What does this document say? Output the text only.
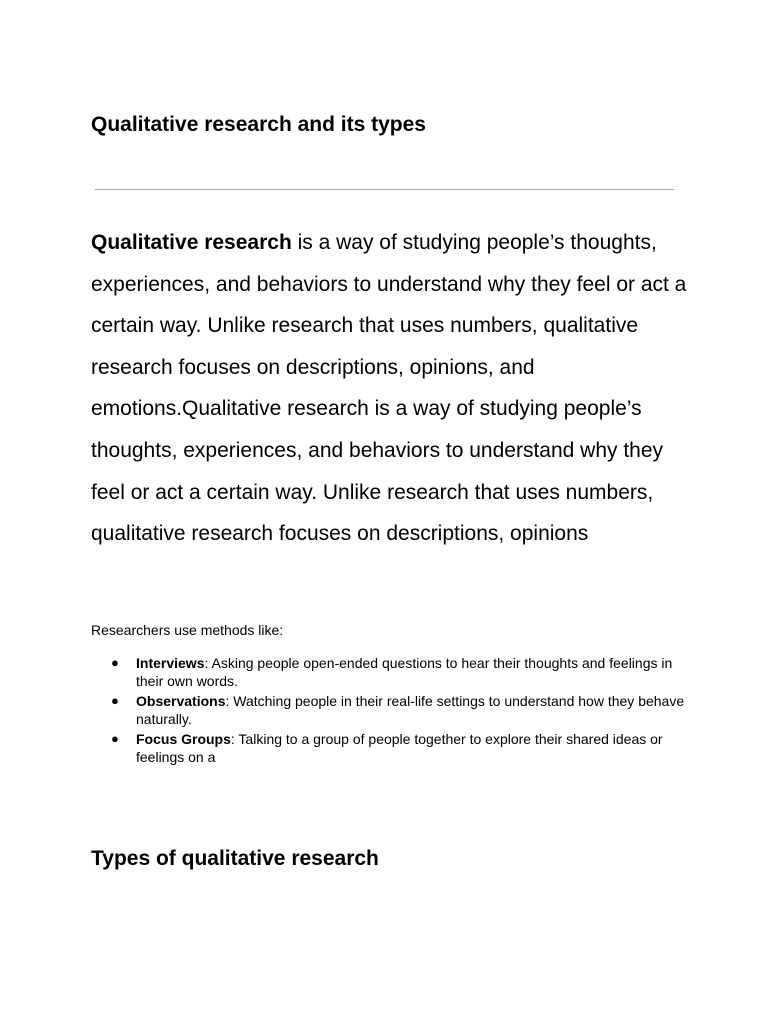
Qualitative research and its types

Qualitative research is a way of studying people’s thoughts, experiences, and behaviors to understand why they feel or act a certain way. Unlike research that uses numbers, qualitative research focuses on descriptions, opinions, and emotions.Qualitative research is a way of studying people’s thoughts, experiences, and behaviors to understand why they feel or act a certain way. Unlike research that uses numbers, qualitative research focuses on descriptions, opinions

Researchers use methods like:

● Interviews: Asking people open-ended questions to hear their thoughts and feelings in their own words.
● Observations: Watching people in their real-life settings to understand how they behave naturally.
● Focus Groups: Talking to a group of people together to explore their shared ideas or feelings on a
Types of qualitative research
